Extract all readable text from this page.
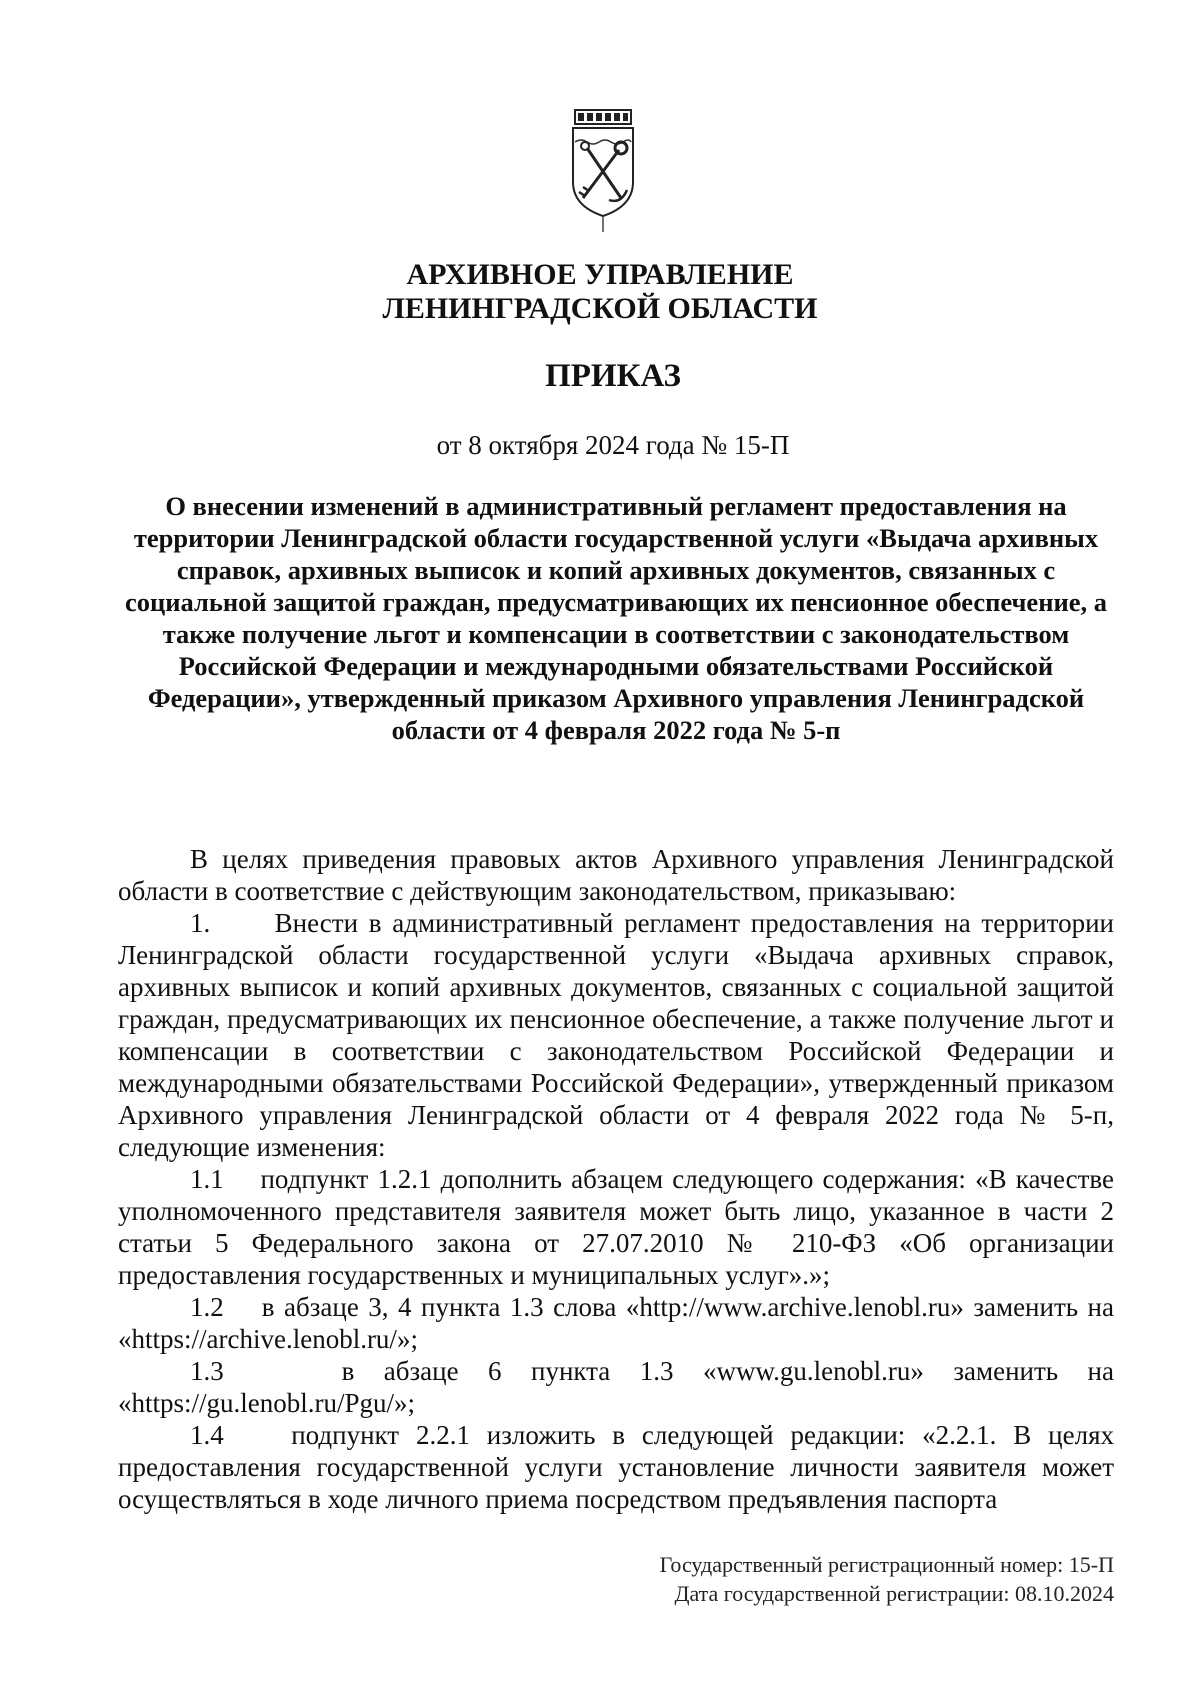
АРХИВНОЕ УПРАВЛЕНИЕ
ЛЕНИНГРАДСКОЙ ОБЛАСТИ
ПРИКАЗ
от 8 октября 2024 года № 15-П
О внесении изменений в административный регламент предоставления на территории Ленинградской области государственной услуги «Выдача архивных справок, архивных выписок и копий архивных документов, связанных с социальной защитой граждан, предусматривающих их пенсионное обеспечение, а также получение льгот и компенсации в соответствии с законодательством Российской Федерации и международными обязательствами Российской Федерации», утвержденный приказом Архивного управления Ленинградской области от 4 февраля 2022 года № 5-п

В целях приведения правовых актов Архивного управления Ленинградской области в соответствие с действующим законодательством, приказываю:

1.      Внести в административный регламент предоставления на территории Ленинградской области государственной услуги «Выдача архивных справок, архивных выписок и копий архивных документов, связанных с социальной защитой граждан, предусматривающих их пенсионное обеспечение, а также получение льгот и компенсации в соответствии с законодательством Российской Федерации и международными обязательствами Российской Федерации», утвержденный приказом Архивного управления Ленинградской области от 4 февраля 2022 года № 5-п, следующие изменения:

1.1    подпункт 1.2.1 дополнить абзацем следующего содержания: «В качестве уполномоченного представителя заявителя может быть лицо, указанное в части 2 статьи 5 Федерального закона от 27.07.2010 № 210-ФЗ «Об организации предоставления государственных и муниципальных услуг».»;

1.2    в абзаце 3, 4 пункта 1.3 слова «http://www.archive.lenobl.ru» заменить на «https://archive.lenobl.ru/»;

1.3    в абзаце 6 пункта 1.3 «www.gu.lenobl.ru» заменить на «https://gu.lenobl.ru/Pgu/»;

1.4    подпункт 2.2.1 изложить в следующей редакции: «2.2.1. В целях предоставления государственной услуги установление личности заявителя может осуществляться в ходе личного приема посредством предъявления паспорта

Государственный регистрационный номер: 15-П
Дата государственной регистрации: 08.10.2024
